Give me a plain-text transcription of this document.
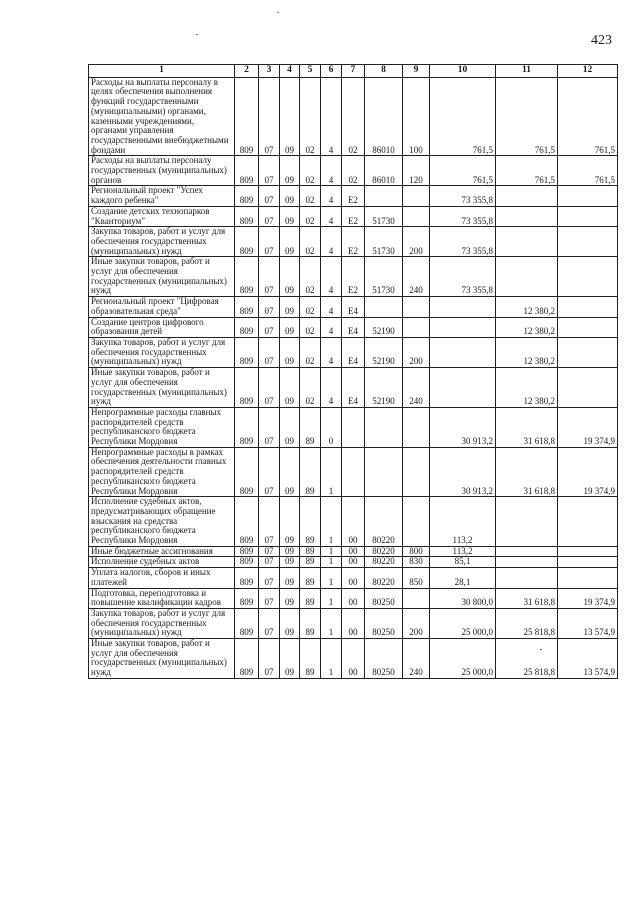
423
1	2	3	4	5	6	7	8	9	10	11	12
Расходы на выплаты персоналу в целях обеспечения выполнения функций государственными (муниципальными) органами, казенными учреждениями, органами управления государственными внебюджетными фондами	809	07	09	02	4	02	86010	100	761,5	761,5	761,5
Расходы на выплаты персоналу государственных (муниципальных) органов	809	07	09	02	4	02	86010	120	761,5	761,5	761,5
Региональный проект "Успех каждого ребенка"	809	07	09	02	4	E2			73 355,8		
Создание детских технопарков "Кванториум"	809	07	09	02	4	E2	51730		73 355,8		
Закупка товаров, работ и услуг для обеспечения государственных (муниципальных) нужд	809	07	09	02	4	E2	51730	200	73 355,8		
Иные закупки товаров, работ и услуг для обеспечения государственных (муниципальных) нужд	809	07	09	02	4	E2	51730	240	73 355,8		
Региональный проект "Цифровая образовательная среда"	809	07	09	02	4	E4				12 380,2	
Создание центров цифрового образования детей	809	07	09	02	4	E4	52190			12 380,2	
Закупка товаров, работ и услуг для обеспечения государственных (муниципальных) нужд	809	07	09	02	4	E4	52190	200		12 380,2	
Иные закупки товаров, работ и услуг для обеспечения государственных (муниципальных) нужд	809	07	09	02	4	E4	52190	240		12 380,2	
Непрограммные расходы главных распорядителей средств республиканского бюджета Республики Мордовия	809	07	09	89	0				30 913,2	31 618,8	19 374,9
Непрограммные расходы в рамках обеспечения деятельности главных распорядителей средств республиканского бюджета Республики Мордовия	809	07	09	89	1				30 913,2	31 618,8	19 374,9
Исполнение судебных актов, предусматривающих обращение взыскания на средства республиканского бюджета Республики Мордовия	809	07	09	89	1	00	80220		113,2		
Иные бюджетные ассигнования	809	07	09	89	1	00	80220	800	113,2		
Исполнение судебных актов	809	07	09	89	1	00	80220	830	85,1		
Уплата налогов, сборов и иных платежей	809	07	09	89	1	00	80220	850	28,1		
Подготовка, переподготовка и повышение квалификации кадров	809	07	09	89	1	00	80250		30 800,0	31 618,8	19 374,9
Закупка товаров, работ и услуг для обеспечения государственных (муниципальных) нужд	809	07	09	89	1	00	80250	200	25 000,0	25 818,8	13 574,9
Иные закупки товаров, работ и услуг для обеспечения государственных (муниципальных) нужд	809	07	09	89	1	00	80250	240	25 000,0	25 818,8	13 574,9
